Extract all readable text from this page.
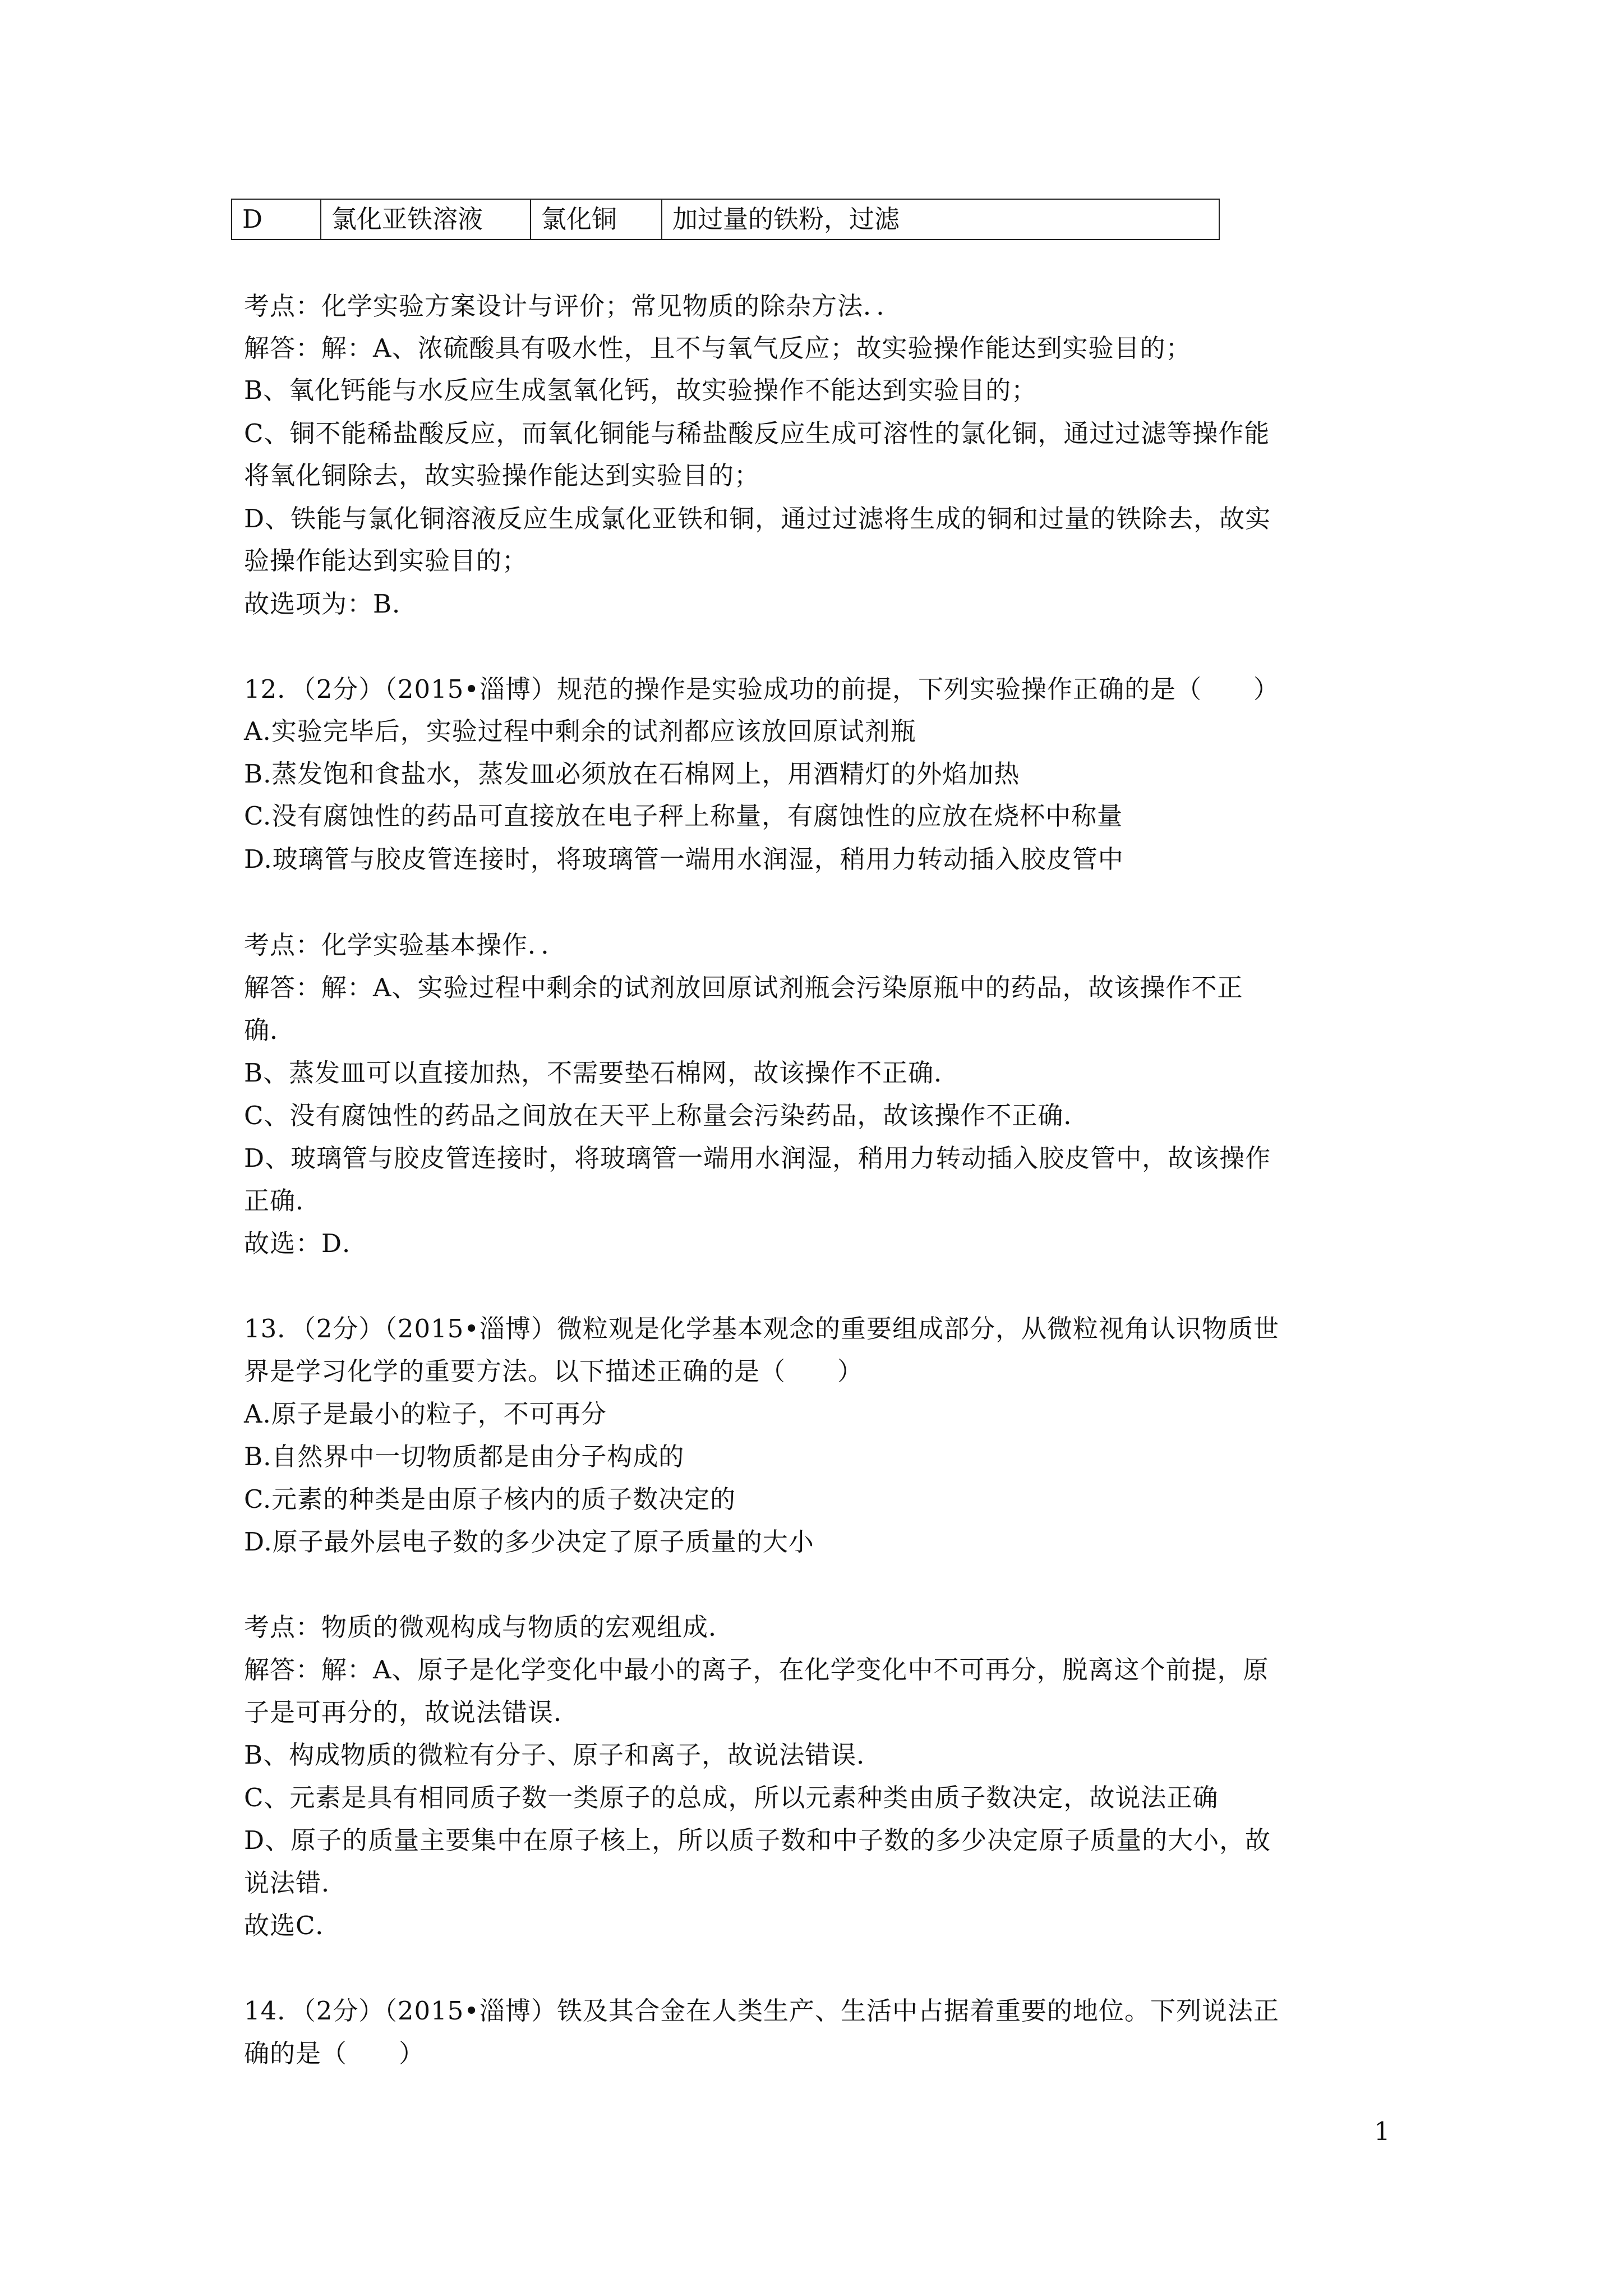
D	氯化亚铁溶液	氯化铜	加过量的铁粉，过滤
考点：化学实验方案设计与评价；常见物质的除杂方法．．
解答：解：A、浓硫酸具有吸水性，且不与氧气反应；故实验操作能达到实验目的；
B、氧化钙能与水反应生成氢氧化钙，故实验操作不能达到实验目的；
C、铜不能稀盐酸反应，而氧化铜能与稀盐酸反应生成可溶性的氯化铜，通过过滤等操作能
将氧化铜除去，故实验操作能达到实验目的；
D、铁能与氯化铜溶液反应生成氯化亚铁和铜，通过过滤将生成的铜和过量的铁除去，故实
验操作能达到实验目的；
故选项为：B．
12．（2分）（2015•淄博）规范的操作是实验成功的前提，下列实验操作正确的是（　　）
A.实验完毕后，实验过程中剩余的试剂都应该放回原试剂瓶
B.蒸发饱和食盐水，蒸发皿必须放在石棉网上，用酒精灯的外焰加热
C.没有腐蚀性的药品可直接放在电子秤上称量，有腐蚀性的应放在烧杯中称量
D.玻璃管与胶皮管连接时，将玻璃管一端用水润湿，稍用力转动插入胶皮管中
考点：化学实验基本操作．．
解答：解：A、实验过程中剩余的试剂放回原试剂瓶会污染原瓶中的药品，故该操作不正
确．
B、蒸发皿可以直接加热，不需要垫石棉网，故该操作不正确．
C、没有腐蚀性的药品之间放在天平上称量会污染药品，故该操作不正确．
D、玻璃管与胶皮管连接时，将玻璃管一端用水润湿，稍用力转动插入胶皮管中，故该操作
正确．
故选：D．
13．（2分）（2015•淄博）微粒观是化学基本观念的重要组成部分，从微粒视角认识物质世
界是学习化学的重要方法。以下描述正确的是（　　）
A.原子是最小的粒子，不可再分
B.自然界中一切物质都是由分子构成的
C.元素的种类是由原子核内的质子数决定的
D.原子最外层电子数的多少决定了原子质量的大小
考点：物质的微观构成与物质的宏观组成．
解答：解：A、原子是化学变化中最小的离子，在化学变化中不可再分，脱离这个前提，原
子是可再分的，故说法错误．
B、构成物质的微粒有分子、原子和离子，故说法错误．
C、元素是具有相同质子数一类原子的总成，所以元素种类由质子数决定，故说法正确
D、原子的质量主要集中在原子核上，所以质子数和中子数的多少决定原子质量的大小，故
说法错．
故选C．
14．（2分）（2015•淄博）铁及其合金在人类生产、生活中占据着重要的地位。下列说法正
确的是（　　）
1
